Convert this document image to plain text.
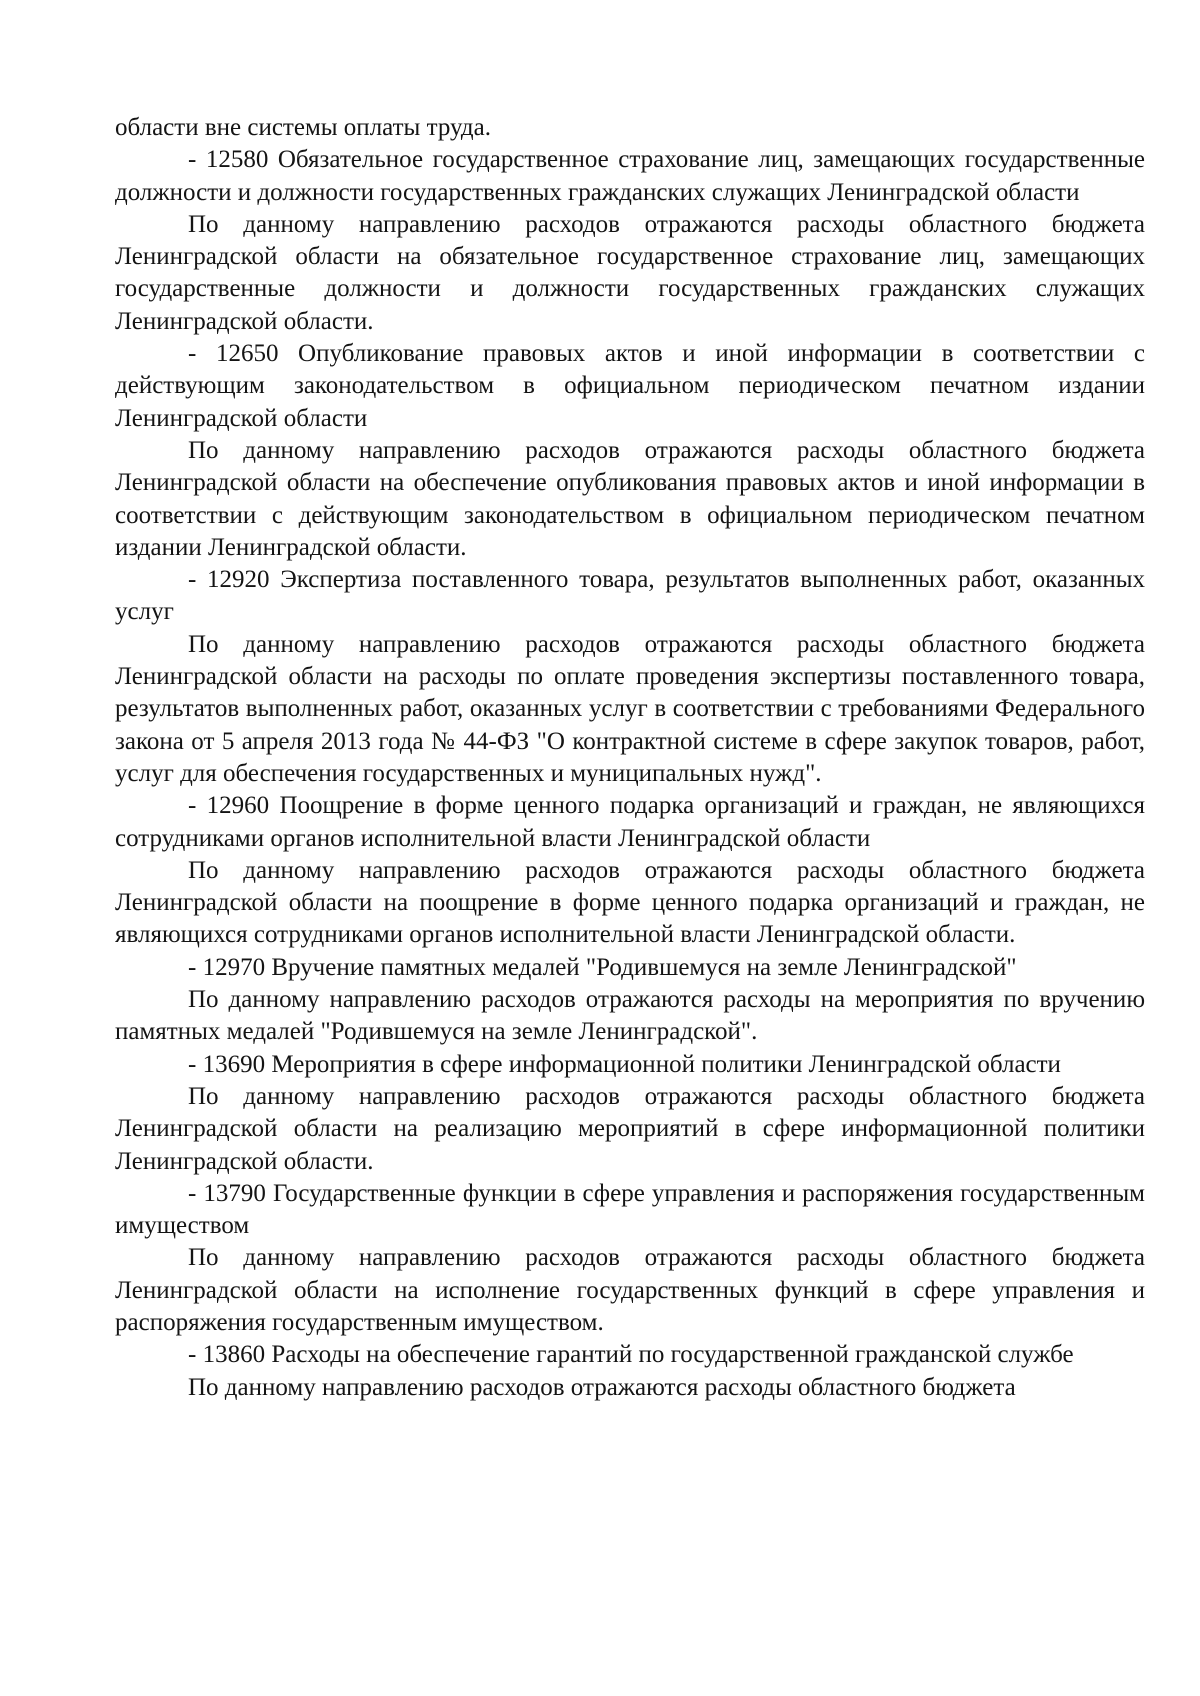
области вне системы оплаты труда.

- 12580 Обязательное государственное страхование лиц, замещающих государственные должности и должности государственных гражданских служащих Ленинградской области

По данному направлению расходов отражаются расходы областного бюджета Ленинградской области на обязательное государственное страхование лиц, замещающих государственные должности и должности государственных гражданских служащих Ленинградской области.

- 12650 Опубликование правовых актов и иной информации в соответствии с действующим законодательством в официальном периодическом печатном издании Ленинградской области

По данному направлению расходов отражаются расходы областного бюджета Ленинградской области на обеспечение опубликования правовых актов и иной информации в соответствии с действующим законодательством в официальном периодическом печатном издании Ленинградской области.

- 12920 Экспертиза поставленного товара, результатов выполненных работ, оказанных услуг

По данному направлению расходов отражаются расходы областного бюджета Ленинградской области на расходы по оплате проведения экспертизы поставленного товара, результатов выполненных работ, оказанных услуг в соответствии с требованиями Федерального закона от 5 апреля 2013 года № 44-ФЗ "О контрактной системе в сфере закупок товаров, работ, услуг для обеспечения государственных и муниципальных нужд".

- 12960 Поощрение в форме ценного подарка организаций и граждан, не являющихся сотрудниками органов исполнительной власти Ленинградской области

По данному направлению расходов отражаются расходы областного бюджета Ленинградской области на поощрение в форме ценного подарка организаций и граждан, не являющихся сотрудниками органов исполнительной власти Ленинградской области.

- 12970 Вручение памятных медалей "Родившемуся на земле Ленинградской"

По данному направлению расходов отражаются расходы на мероприятия по вручению памятных медалей "Родившемуся на земле Ленинградской".

- 13690 Мероприятия в сфере информационной политики Ленинградской области

По данному направлению расходов отражаются расходы областного бюджета Ленинградской области на реализацию мероприятий в сфере информационной политики Ленинградской области.

- 13790 Государственные функции в сфере управления и распоряжения государственным имуществом

По данному направлению расходов отражаются расходы областного бюджета Ленинградской области на исполнение государственных функций в сфере управления и распоряжения государственным имуществом.

- 13860 Расходы на обеспечение гарантий по государственной гражданской службе

По данному направлению расходов отражаются расходы областного бюджета
